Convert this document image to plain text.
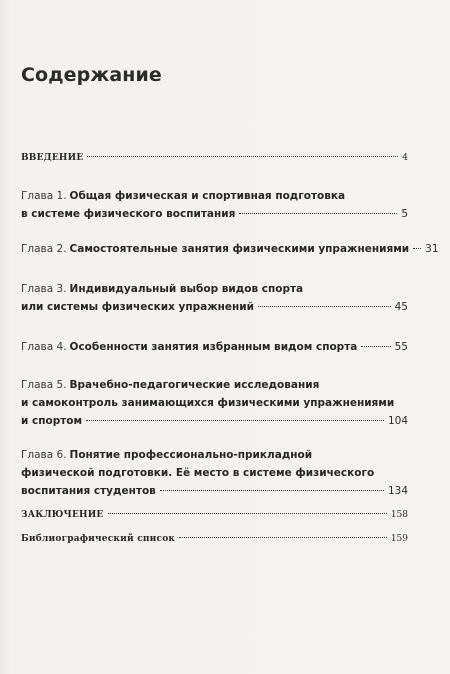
Содержание
ВВЕДЕНИЕ	4
Глава 1. Общая физическая и спортивная подготовка
в системе физического воспитания	5
Глава 2. Самостоятельные занятия физическими упражнениями 31
Глава 3. Индивидуальный выбор видов спорта
или системы физических упражнений	45
Глава 4. Особенности занятия избранным видом спорта	55
Глава 5. Врачебно-педагогические исследования
и самоконтроль занимающихся физическими упражнениями
и спортом	104
Глава 6. Понятие профессионально-прикладной
физической подготовки. Её место в системе физического
воспитания студентов	134
ЗАКЛЮЧЕНИЕ	158
Библиографический список	159
